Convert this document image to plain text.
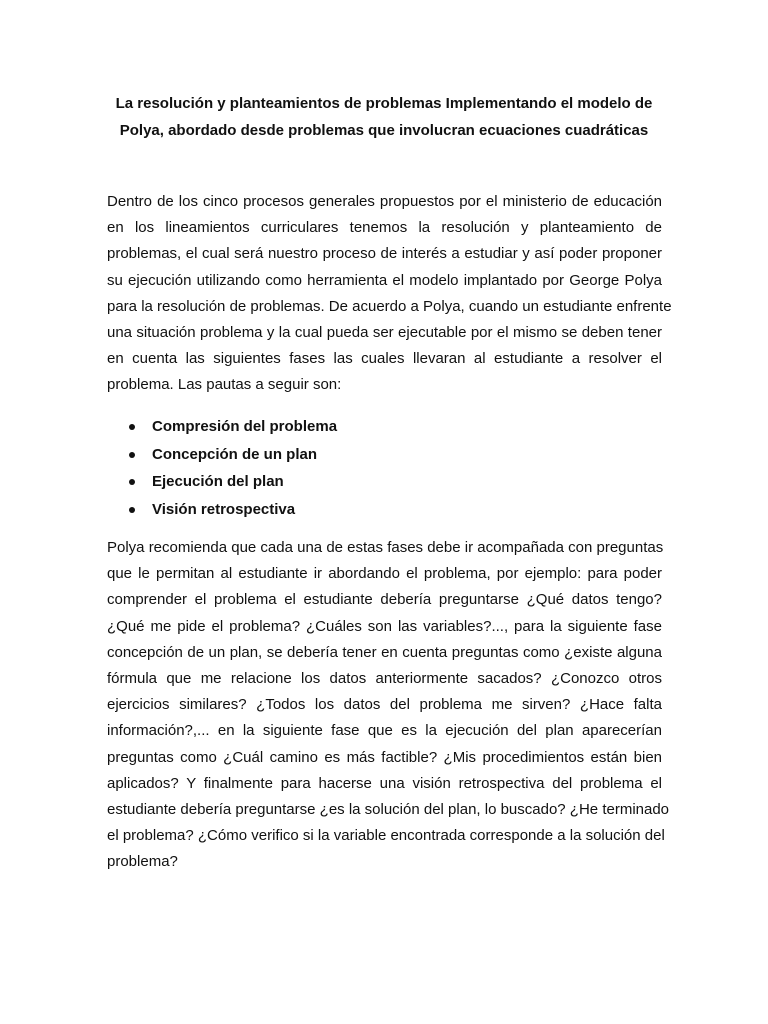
La resolución y planteamientos de problemas Implementando el modelo de
Polya, abordado desde problemas que involucran ecuaciones cuadráticas
Dentro de los cinco procesos generales propuestos por el ministerio de educación
en los lineamientos curriculares tenemos la resolución y planteamiento de
problemas, el cual será nuestro proceso de interés a estudiar y así poder proponer
su ejecución utilizando como herramienta el modelo implantado por George Polya
para la resolución de problemas. De acuerdo a Polya, cuando un estudiante enfrente
una situación problema y la cual pueda ser ejecutable por el mismo se deben tener
en cuenta las siguientes fases las cuales llevaran al estudiante a resolver el
problema. Las pautas a seguir son:
Compresión del problema
Concepción de un plan
Ejecución del plan
Visión retrospectiva
Polya recomienda que cada una de estas fases debe ir acompañada con preguntas
que le permitan al estudiante ir abordando el problema, por ejemplo: para poder
comprender el problema el estudiante debería preguntarse ¿Qué datos tengo?
¿Qué me pide el problema? ¿Cuáles son las variables?..., para la siguiente fase
concepción de un plan, se debería tener en cuenta preguntas como ¿existe alguna
fórmula que me relacione los datos anteriormente sacados? ¿Conozco otros
ejercicios similares? ¿Todos los datos del problema me sirven? ¿Hace falta
información?,... en la siguiente fase que es la ejecución del plan aparecerían
preguntas como ¿Cuál camino es más factible? ¿Mis procedimientos están bien
aplicados? Y finalmente para hacerse una visión retrospectiva del problema el
estudiante debería preguntarse ¿es la solución del plan, lo buscado? ¿He terminado
el problema? ¿Cómo verifico si la variable encontrada corresponde a la solución del
problema?
